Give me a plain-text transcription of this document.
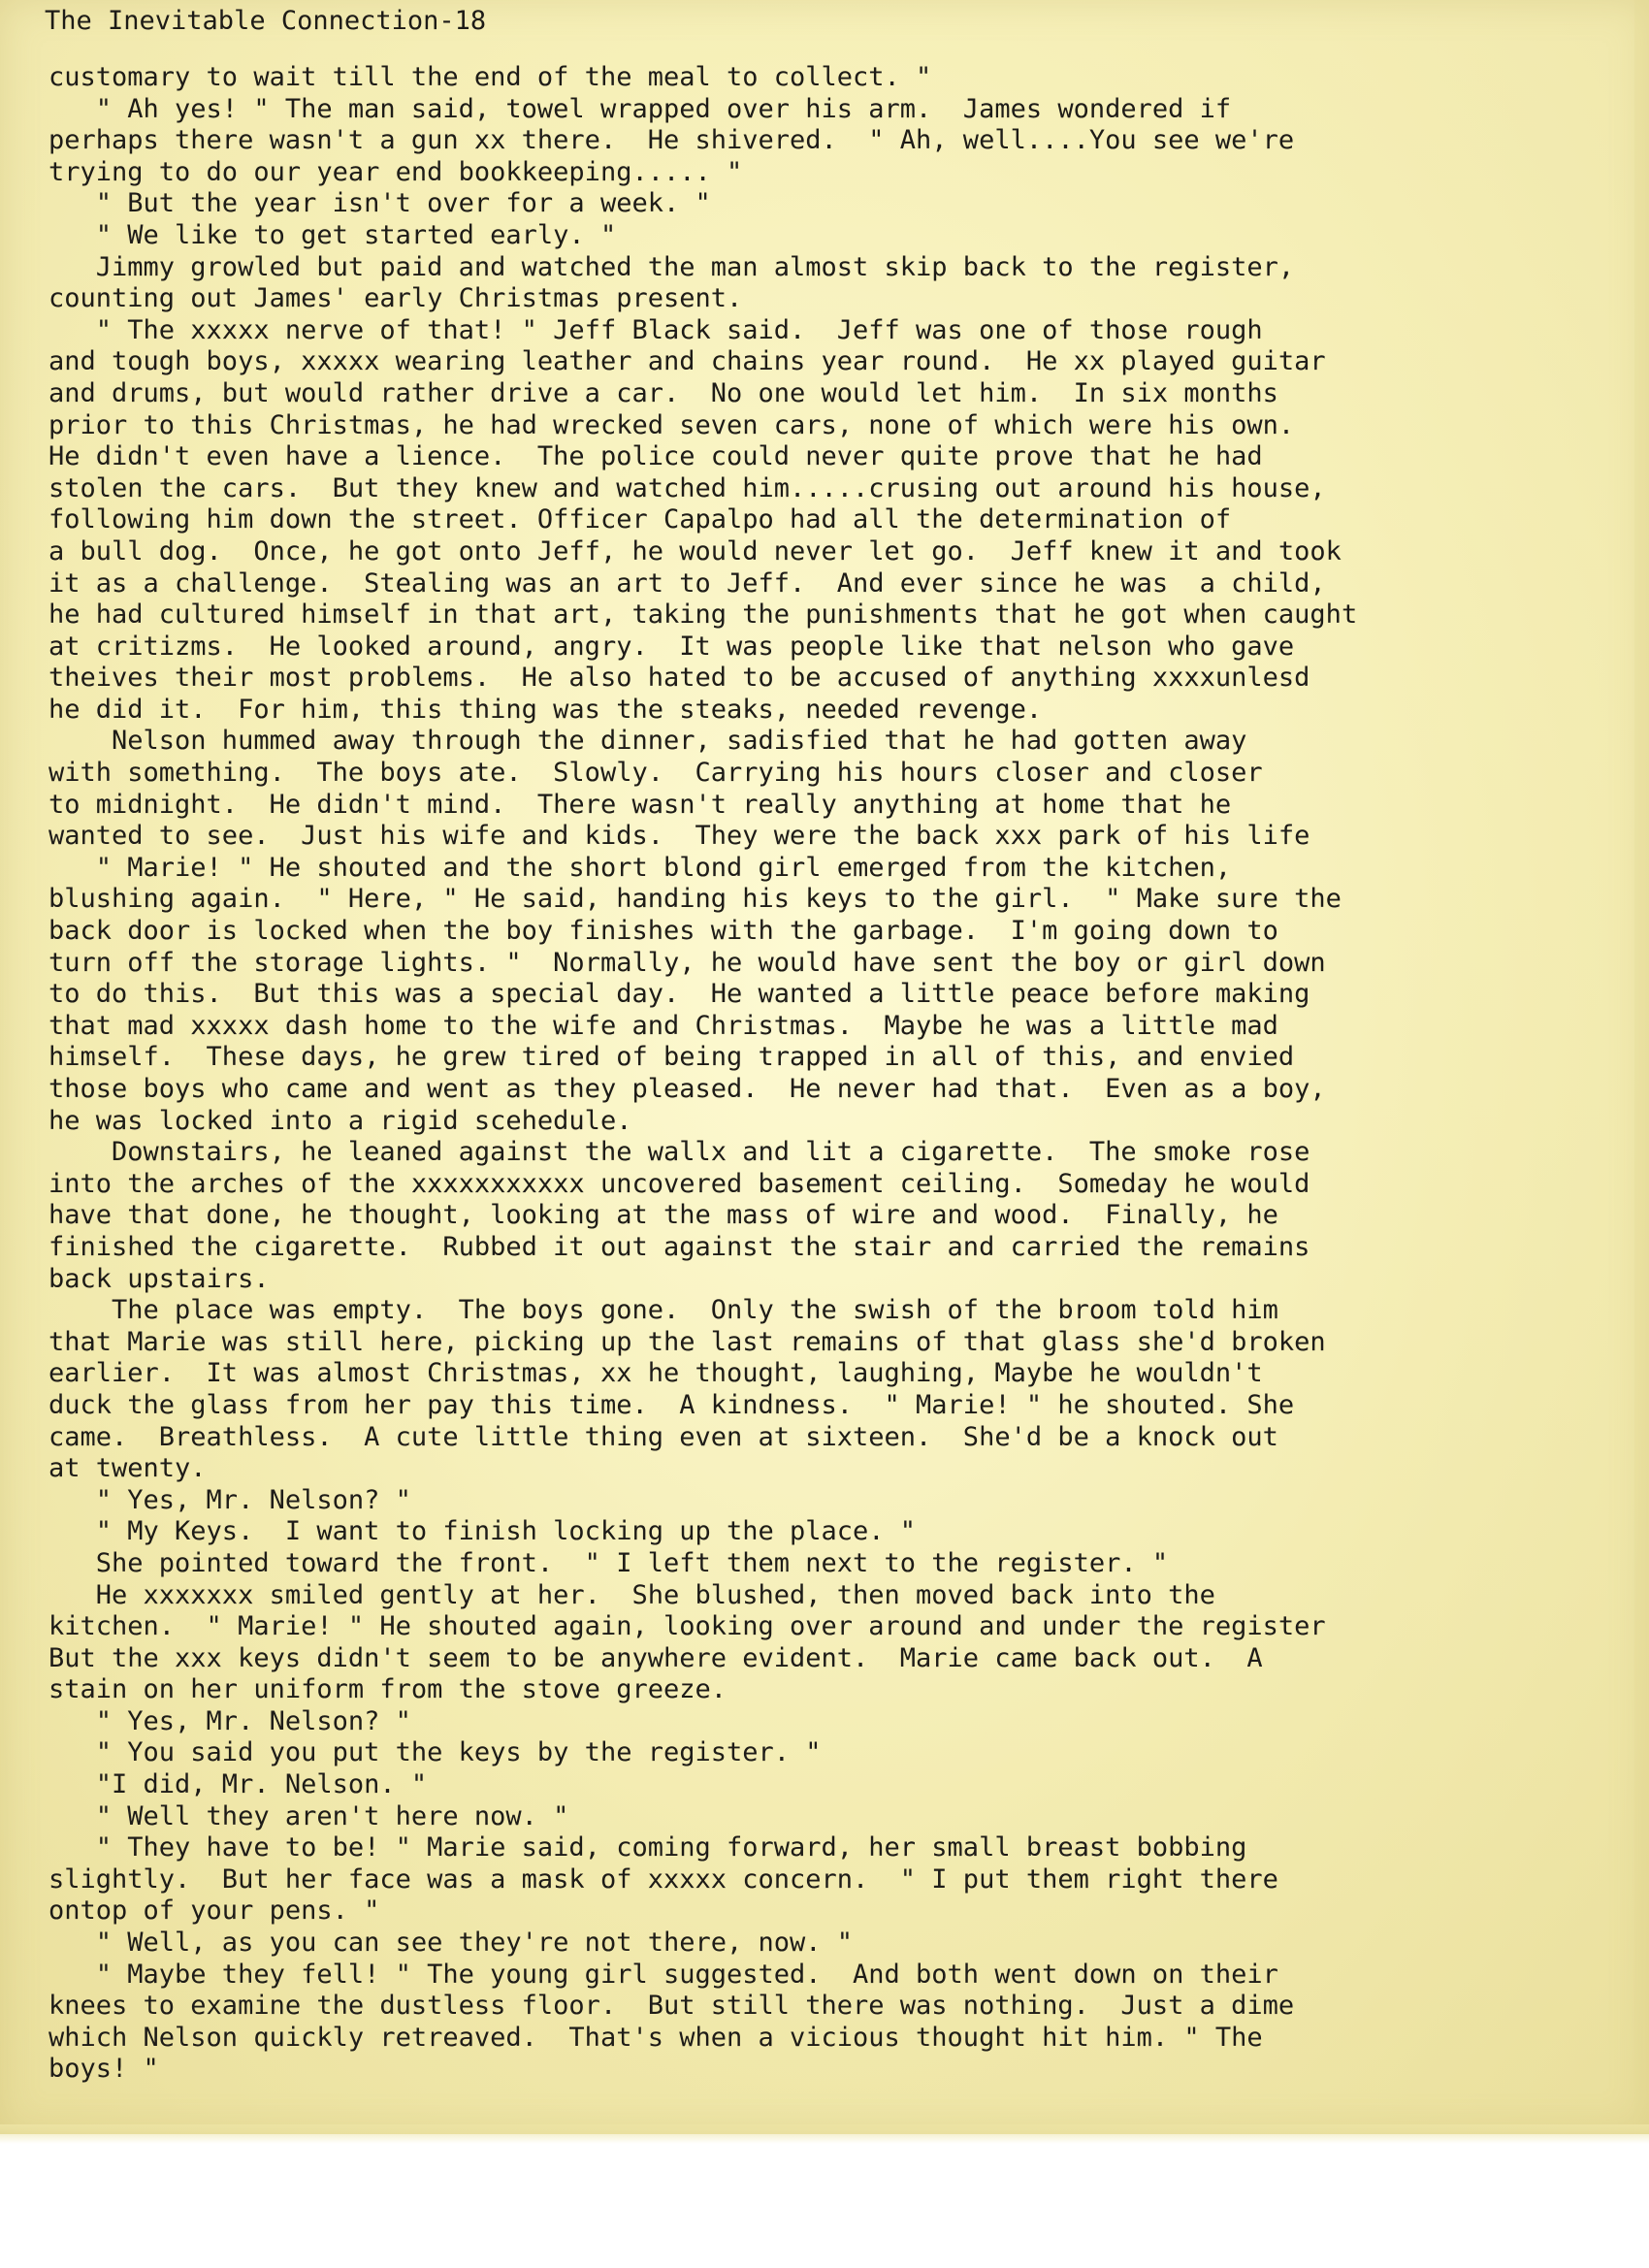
The Inevitable Connection-18
customary to wait till the end of the meal to collect. "
" Ah yes! " The man said, towel wrapped over his arm.  James wondered if
perhaps there wasn't a gun xx there.  He shivered.  " Ah, well....You see we're
trying to do our year end bookkeeping..... "
" But the year isn't over for a week. "
" We like to get started early. "
Jimmy growled but paid and watched the man almost skip back to the register,
counting out James' early Christmas present.
" The xxxxx nerve of that! " Jeff Black said.  Jeff was one of those rough
and tough boys, xxxxx wearing leather and chains year round.  He xx played guitar
and drums, but would rather drive a car.  No one would let him.  In six months
prior to this Christmas, he had wrecked seven cars, none of which were his own.
He didn't even have a lience.  The police could never quite prove that he had
stolen the cars.  But they knew and watched him.....crusing out around his house,
following him down the street. Officer Capalpo had all the determination of
a bull dog.  Once, he got onto Jeff, he would never let go.  Jeff knew it and took
it as a challenge.  Stealing was an art to Jeff.  And ever since he was  a child,
he had cultured himself in that art, taking the punishments that he got when caught
at critizms.  He looked around, angry.  It was people like that nelson who gave
theives their most problems.  He also hated to be accused of anything xxxxunlesd
he did it.  For him, this thing was the steaks, needed revenge.
Nelson hummed away through the dinner, sadisfied that he had gotten away
with something.  The boys ate.  Slowly.  Carrying his hours closer and closer
to midnight.  He didn't mind.  There wasn't really anything at home that he
wanted to see.  Just his wife and kids.  They were the back xxx park of his life
" Marie! " He shouted and the short blond girl emerged from the kitchen,
blushing again.  " Here, " He said, handing his keys to the girl.  " Make sure the
back door is locked when the boy finishes with the garbage.  I'm going down to
turn off the storage lights. "  Normally, he would have sent the boy or girl down
to do this.  But this was a special day.  He wanted a little peace before making
that mad xxxxx dash home to the wife and Christmas.  Maybe he was a little mad
himself.  These days, he grew tired of being trapped in all of this, and envied
those boys who came and went as they pleased.  He never had that.  Even as a boy,
he was locked into a rigid scehedule.
Downstairs, he leaned against the wallx and lit a cigarette.  The smoke rose
into the arches of the xxxxxxxxxxx uncovered basement ceiling.  Someday he would
have that done, he thought, looking at the mass of wire and wood.  Finally, he
finished the cigarette.  Rubbed it out against the stair and carried the remains
back upstairs.
The place was empty.  The boys gone.  Only the swish of the broom told him
that Marie was still here, picking up the last remains of that glass she'd broken
earlier.  It was almost Christmas, xx he thought, laughing, Maybe he wouldn't
duck the glass from her pay this time.  A kindness.  " Marie! " he shouted. She
came.  Breathless.  A cute little thing even at sixteen.  She'd be a knock out
at twenty.
" Yes, Mr. Nelson? "
" My Keys.  I want to finish locking up the place. "
She pointed toward the front.  " I left them next to the register. "
He xxxxxxx smiled gently at her.  She blushed, then moved back into the
kitchen.  " Marie! " He shouted again, looking over around and under the register
But the xxx keys didn't seem to be anywhere evident.  Marie came back out.  A
stain on her uniform from the stove greeze.
" Yes, Mr. Nelson? "
" You said you put the keys by the register. "
"I did, Mr. Nelson. "
" Well they aren't here now. "
" They have to be! " Marie said, coming forward, her small breast bobbing
slightly.  But her face was a mask of xxxxx concern.  " I put them right there
ontop of your pens. "
" Well, as you can see they're not there, now. "
" Maybe they fell! " The young girl suggested.  And both went down on their
knees to examine the dustless floor.  But still there was nothing.  Just a dime
which Nelson quickly retreaved.  That's when a vicious thought hit him. " The
boys! "
